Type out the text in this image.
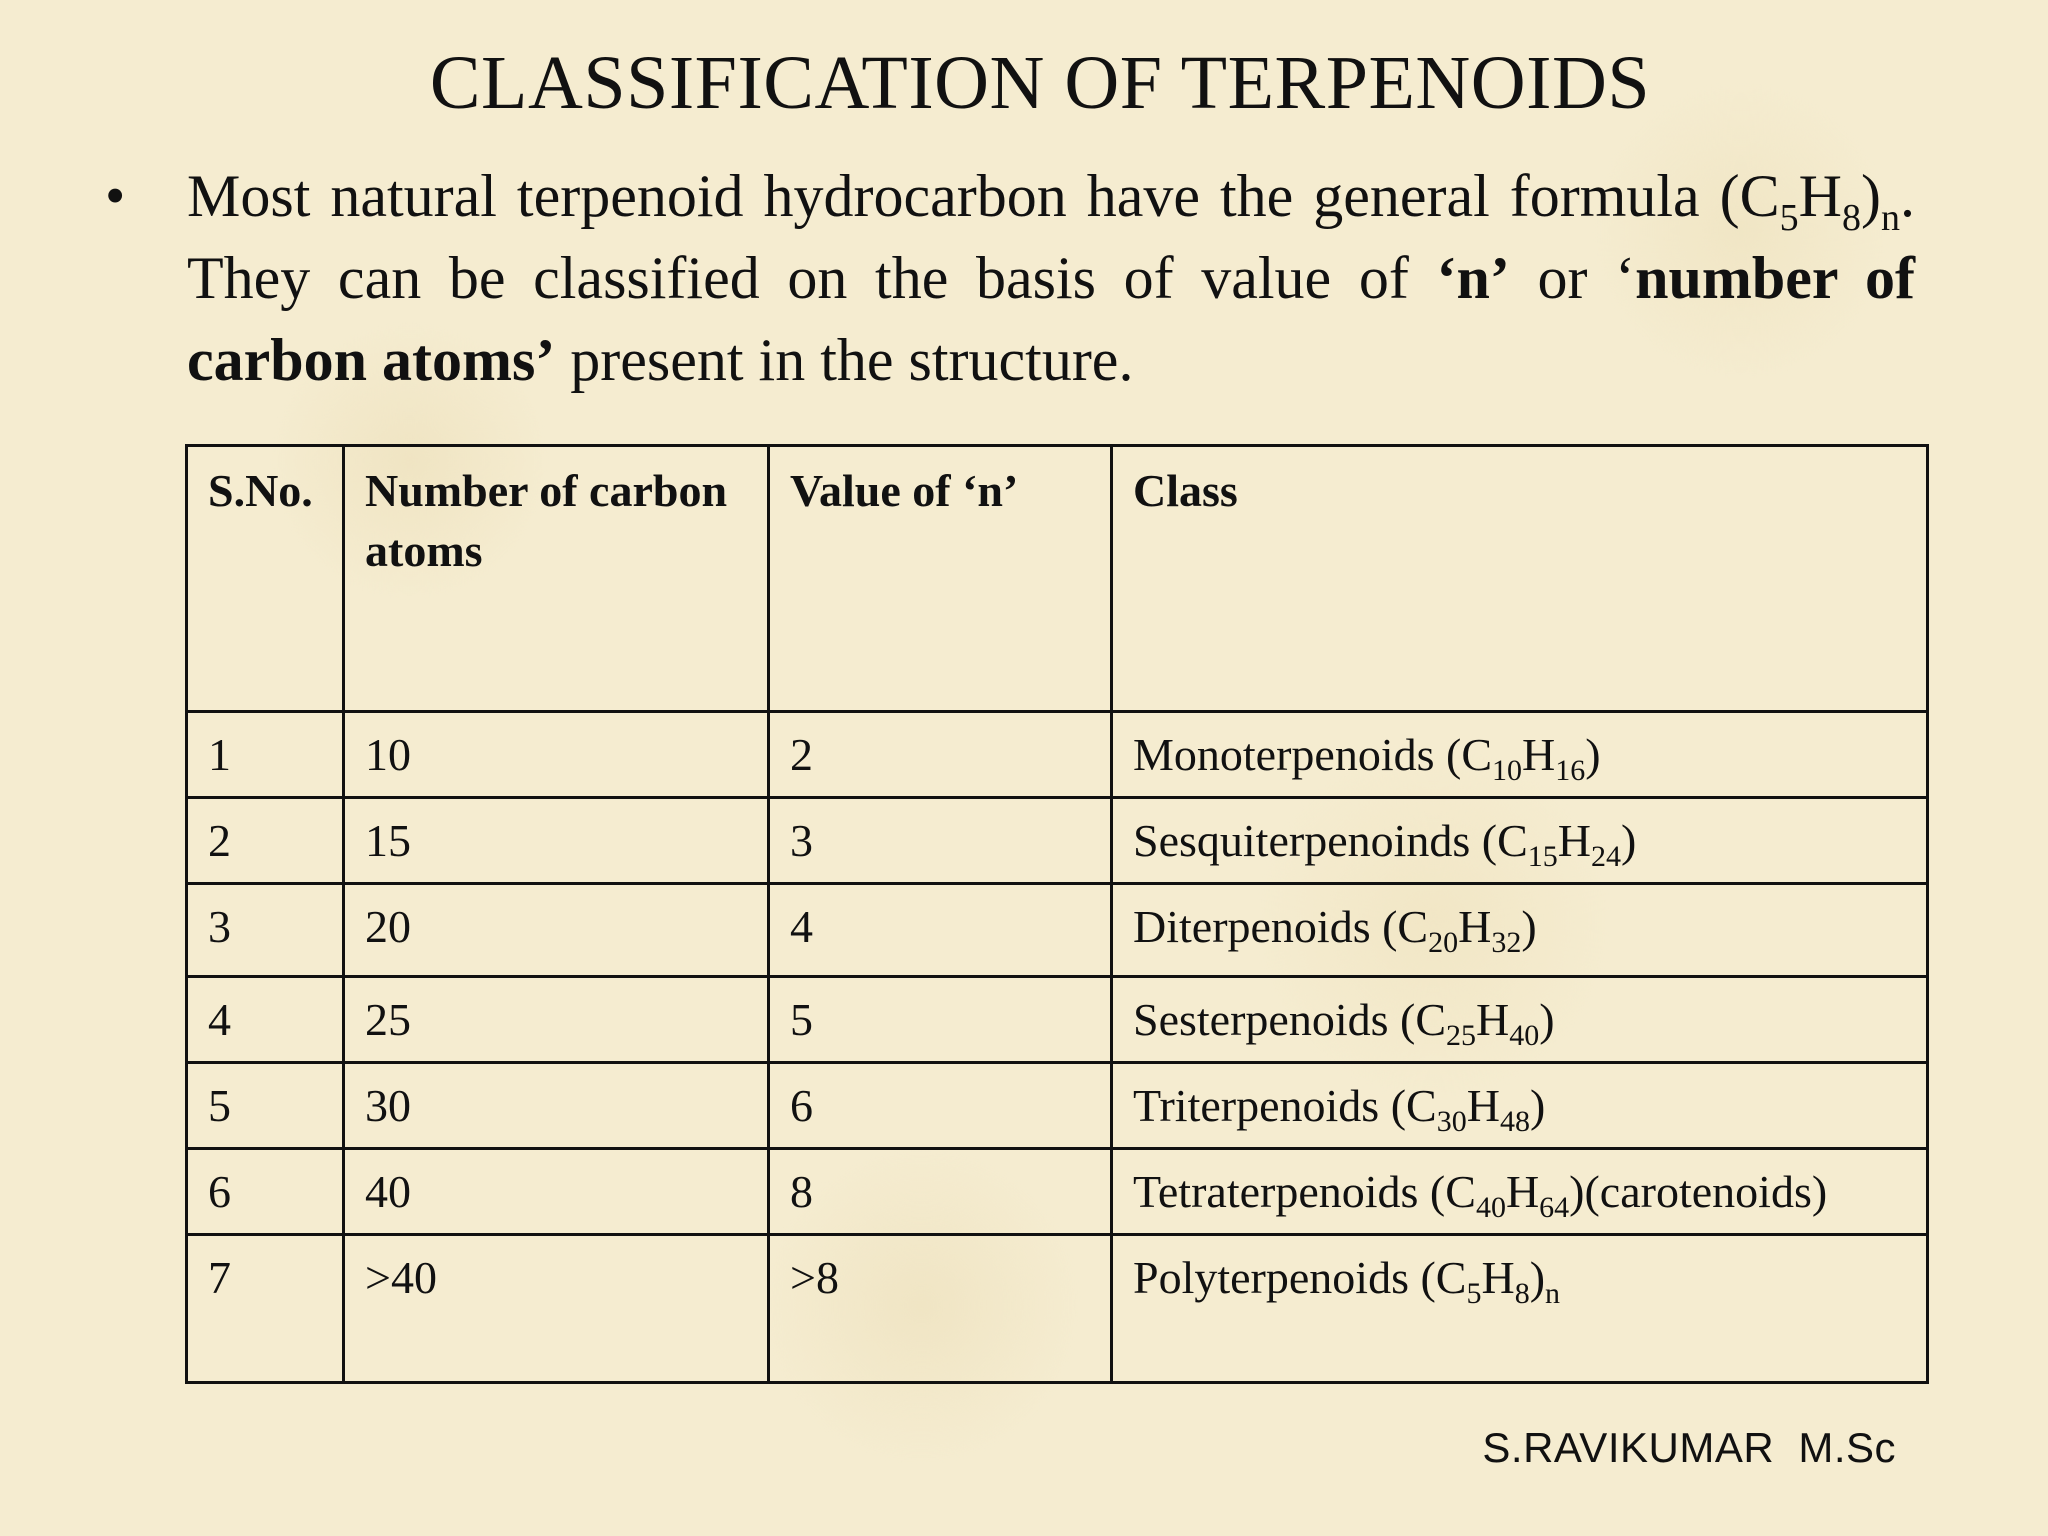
CLASSIFICATION OF TERPENOIDS
• Most natural terpenoid hydrocarbon have the general formula $(C_5H_8)_n$. They can be classified on the basis of value of ‘n’ or ‘number of carbon atoms’ present in the structure.
S.No.	Number of carbon atoms	Value of ‘n’	Class
1	10	2	Monoterpenoids $(C_{10}H_{16})$
2	15	3	Sesquiterpenoinds $(C_{15}H_{24})$
3	20	4	Diterpenoids $(C_{20}H_{32})$
4	25	5	Sesterpenoids $(C_{25}H_{40})$
5	30	6	Triterpenoids $(C_{30}H_{48})$
6	40	8	Tetraterpenoids $(C_{40}H_{64})(carotenoids)$
7	>40	>8	Polyterpenoids $(C_5H_8)_n$
S.RAVIKUMAR M.Sc
